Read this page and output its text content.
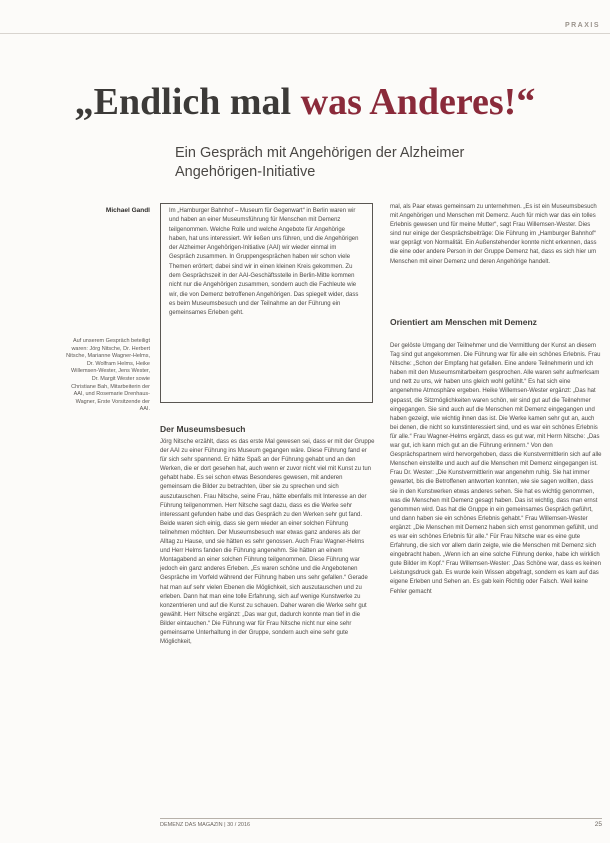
PRAXIS
„Endlich mal was Anderes!“
Ein Gespräch mit Angehörigen der Alzheimer Angehörigen-Initiative
Michael Gandl
Auf unserem Gespräch beteiligt waren: Jörg Nitsche, Dr. Herbert Nitsche, Marianne Wagner-Helms, Dr. Wolfram Helms, Heike Willemsen-Wester, Jens Wester, Dr. Margit Wester sowie Christiane Bah, Mitarbeiterin der AAI, und Rosemarie Drenhaus-Wagner, Erste Vorsitzende der AAI.
Im „Hamburger Bahnhof – Museum für Gegenwart“ in Berlin waren wir und haben an einer Museumsführung für Menschen mit Demenz teilgenommen. Welche Rolle und welche Angebote für Angehörige haben, hat uns interessiert. Wir ließen uns führen, und die Angehörigen der Alzheimer Angehörigen-Initiative (AAI) wir wieder einmal im Gespräch zusammen. In Gruppengesprächen haben wir schon viele Themen erörtert; dabei sind wir in einen kleinen Kreis gekommen. Zu dem Gesprächszeit in der AAI-Geschäftsstelle in Berlin-Mitte kommen nicht nur die Angehörigen zusammen, sondern auch die Fachleute wie wir, die von Demenz betroffenen Angehörigen. Das spiegelt wider, dass es beim Museumsbesuch und der Teilnahme an der Führung ein gemeinsames Erleben geht.
Der Museumsbesuch
Jörg Nitsche erzählt, dass es das erste Mal gewesen sei, dass er mit der Gruppe der AAI zu einer Führung ins Museum gegangen wäre. Diese Führung fand er für sich sehr spannend. Er hätte Spaß an der Führung gehabt und an den Werken, die er dort gesehen hat, auch wenn er zuvor nicht viel mit Kunst zu tun gehabt habe. Es sei schon etwas Besonderes gewesen, mit anderen gemeinsam die Bilder zu betrachten, über sie zu sprechen und sich auszutauschen. Frau Nitsche, seine Frau, hätte ebenfalls mit Interesse an der Führung teilgenommen. Herr Nitsche sagt dazu, dass es die Werke sehr interessant gefunden habe und das Gespräch zu den Werken sehr gut fand. Beide waren sich einig, dass sie gern wieder an einer solchen Führung teilnehmen möchten. Der Museumsbesuch war etwas ganz anderes als der Alltag zu Hause, und sie hätten es sehr genossen. Auch Frau Wagner-Helms und Herr Helms fanden die Führung angenehm. Sie hätten an einem Montagabend an einer solchen Führung teilgenommen. Diese Führung war jedoch ein ganz anderes Erleben. „Es waren schöne und die Angebotenen Gespräche im Vorfeld während der Führung haben uns sehr gefallen.“ Gerade hat man auf sehr vielen Ebenen die Möglichkeit, sich auszutauschen und zu erleben. Dann hat man eine tolle Erfahrung, sich auf wenige Kunstwerke zu konzentrieren und auf die Kunst zu schauen. Daher waren die Werke sehr gut gewählt. Herr Nitsche ergänzt: „Das war gut, dadurch konnte man tief in die Bilder eintauchen.“ Die Führung war für Frau Nitsche nicht nur eine sehr gemeinsame Unterhaltung in der Gruppe, sondern auch eine sehr gute Möglichkeit,
mal, als Paar etwas gemeinsam zu unternehmen. „Es ist ein Museumsbesuch mit Angehörigen und Menschen mit Demenz. Auch für mich war das ein tolles Erlebnis gewesen und für meine Mutter“, sagt Frau Willemsen-Wester. Dies sind nur einige der Gesprächsbeiträge: Die Führung im „Hamburger Bahnhof“ war geprägt von Normalität. Ein Außenstehender konnte nicht erkennen, dass die eine oder andere Person in der Gruppe Demenz hat, dass es sich hier um Menschen mit einer Demenz und deren Angehörige handelt.
Orientiert am Menschen mit Demenz
Der gelöste Umgang der Teilnehmer und die Vermittlung der Kunst an diesem Tag sind gut angekommen. Die Führung war für alle ein schönes Erlebnis. Frau Nitsche: „Schon der Empfang hat gefallen. Eine andere Teilnehmerin und ich haben mit den Museumsmitarbeitern gesprochen. Alle waren sehr aufmerksam und nett zu uns, wir haben uns gleich wohl gefühlt.“ Es hat sich eine angenehme Atmosphäre ergeben. Heike Willemsen-Wester ergänzt: „Das hat gepasst, die Sitzmöglichkeiten waren schön, wir sind gut auf die Teilnehmer eingegangen. Sie sind auch auf die Menschen mit Demenz eingegangen und haben gezeigt, wie wichtig ihnen das ist. Die Werke kamen sehr gut an, auch bei denen, die nicht so kunstinteressiert sind, und es war ein schönes Erlebnis für alle.“ Frau Wagner-Helms ergänzt, dass es gut war, mit Herrn Nitsche: „Das war gut, ich kann mich gut an die Führung erinnern.“ Von den Gesprächspartnern wird hervorgehoben, dass die Kunstvermittlerin sich auf alle Menschen einstellte und auch auf die Menschen mit Demenz eingegangen ist. Frau Dr. Wester: „Die Kunstvermittlerin war angenehm ruhig. Sie hat immer gewartet, bis die Betroffenen antworten konnten, wie sie sagen wollten, dass sie in den Kunstwerken etwas anderes sehen. Sie hat es wichtig genommen, was die Menschen mit Demenz gesagt haben. Das ist wichtig, dass man ernst genommen wird. Das hat die Gruppe in ein gemeinsames Gespräch geführt, und dann haben sie ein schönes Erlebnis gehabt.“ Frau Willemsen-Wester ergänzt: „Die Menschen mit Demenz haben sich ernst genommen gefühlt, und es war ein schönes Erlebnis für alle.“ Für Frau Nitsche war es eine gute Erfahrung, die sich vor allem darin zeigte, wie die Menschen mit Demenz sich eingebracht haben. „Wenn ich an eine solche Führung denke, habe ich wirklich gute Bilder im Kopf.“ Frau Willemsen-Wester: „Das Schöne war, dass es keinen Leistungsdruck gab. Es wurde kein Wissen abgefragt, sondern es kam auf das eigene Erleben und Sehen an. Es gab kein Richtig oder Falsch. Weil keine Fehler gemacht
DEMENZ DAS MAGAZIN | 30 / 2016	25
